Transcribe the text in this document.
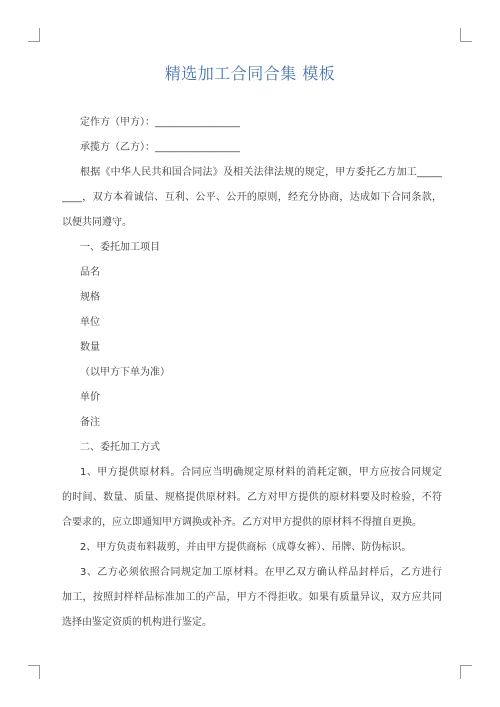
精选加工合同合集 模板
定作方（甲方）：_________________
承揽方（乙方）：_________________
根据《中华人民共和国合同法》及相关法律法规的规定，甲方委托乙方加工_____
____，双方本着诚信、互利、公平、公开的原则，经充分协商，达成如下合同条款，
以便共同遵守。
一、委托加工项目
品名
规格
单位
数量
（以甲方下单为准）
单价
备注
二、委托加工方式
1、甲方提供原材料。合同应当明确规定原材料的消耗定额，甲方应按合同规定
的时间、数量、质量、规格提供原材料。乙方对甲方提供的原材料要及时检验，不符
合要求的，应立即通知甲方调换或补齐。乙方对甲方提供的原材料不得擅自更换。
2、甲方负责布料裁剪，并由甲方提供商标（成尊女裤）、吊牌、防伪标识。
3、乙方必须依照合同规定加工原材料。在甲乙双方确认样品封样后，乙方进行
加工，按照封样样品标准加工的产品，甲方不得拒收。如果有质量异议，双方应共同
选择由鉴定资质的机构进行鉴定。
